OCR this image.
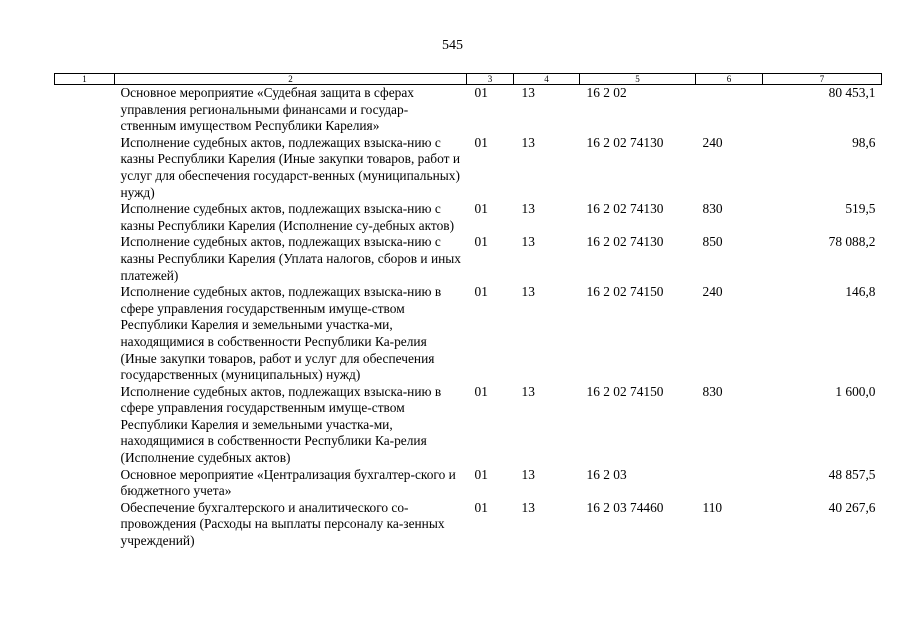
545
1	2	3	4	5	6	7
	Основное мероприятие «Судебная защита в сферах управления региональными финансами и государ-ственным имуществом Республики Карелия»	01	13	16 2 02		80 453,1
	Исполнение судебных актов, подлежащих взыска-нию с казны Республики Карелия (Иные закупки товаров, работ и услуг для обеспечения государст-венных (муниципальных) нужд)	01	13	16 2 02 74130	240	98,6
	Исполнение судебных актов, подлежащих взыска-нию с казны Республики Карелия (Исполнение су-дебных актов)	01	13	16 2 02 74130	830	519,5
	Исполнение судебных актов, подлежащих взыска-нию с казны Республики Карелия (Уплата налогов, сборов и иных платежей)	01	13	16 2 02 74130	850	78 088,2
	Исполнение судебных актов, подлежащих взыска-нию в сфере управления государственным имуще-ством Республики Карелия и земельными участка-ми, находящимися в собственности Республики Ка-релия (Иные закупки товаров, работ и услуг для обеспечения государственных (муниципальных) нужд)	01	13	16 2 02 74150	240	146,8
	Исполнение судебных актов, подлежащих взыска-нию в сфере управления государственным имуще-ством Республики Карелия и земельными участка-ми, находящимися в собственности Республики Ка-релия (Исполнение судебных актов)	01	13	16 2 02 74150	830	1 600,0
	Основное мероприятие «Централизация бухгалтер-ского и бюджетного учета»	01	13	16 2 03		48 857,5
	Обеспечение бухгалтерского и аналитического со-провождения (Расходы на выплаты персоналу ка-зенных учреждений)	01	13	16 2 03 74460	110	40 267,6
